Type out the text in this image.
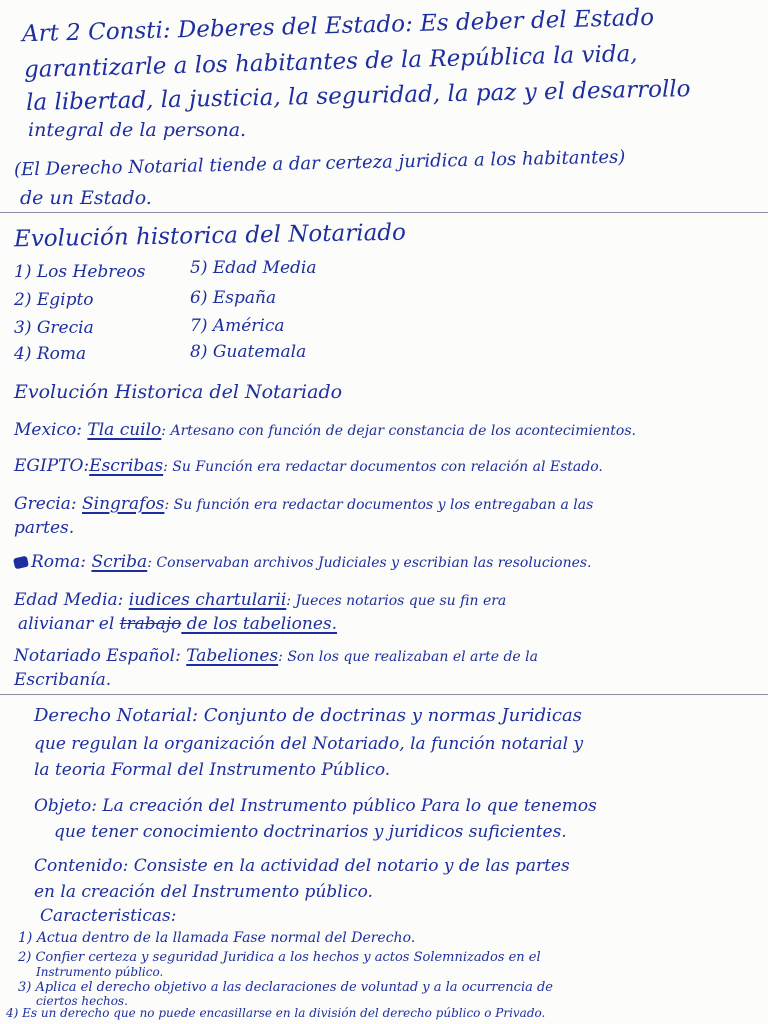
Art 2 Consti: Deberes del Estado: Es deber del Estado
garantizarle a los habitantes de la República la vida,
la libertad, la justicia, la seguridad, la paz y el desarrollo
integral de la persona.
(El Derecho Notarial tiende a dar certeza juridica a los habitantes)
de un Estado.
Evolución historica del Notariado
1) Los Hebreos
2) Egipto
3) Grecia
4) Roma
5) Edad Media
6) España
7) América
8) Guatemala
Evolución Historica del Notariado
Mexico: Tla cuilo: Artesano con función de dejar constancia de los acontecimientos.
EGIPTO:Escribas: Su Función era redactar documentos con relación al Estado.
Grecia: Singrafos: Su función era redactar documentos y los entregaban a las
partes.
Roma: Scriba: Conservaban archivos Judiciales y escribian las resoluciones.
Edad Media: iudices chartularii: Jueces notarios que su fin era
alivianar el trabajo de los tabeliones.
Notariado Español: Tabeliones: Son los que realizaban el arte de la
Escribanía.
Derecho Notarial: Conjunto de doctrinas y normas Juridicas
que regulan la organización del Notariado, la función notarial y
la teoria Formal del Instrumento Público.
Objeto: La creación del Instrumento público Para lo que tenemos
que tener conocimiento doctrinarios y juridicos suficientes.
Contenido: Consiste en la actividad del notario y de las partes
en la creación del Instrumento público.
Caracteristicas:
1) Actua dentro de la llamada Fase normal del Derecho.
2) Confier certeza y seguridad Juridica a los hechos y actos Solemnizados en el
Instrumento público.
3) Aplica el derecho objetivo a las declaraciones de voluntad y a la ocurrencia de
ciertos hechos.
4) Es un derecho que no puede encasillarse en la división del derecho público o Privado.
